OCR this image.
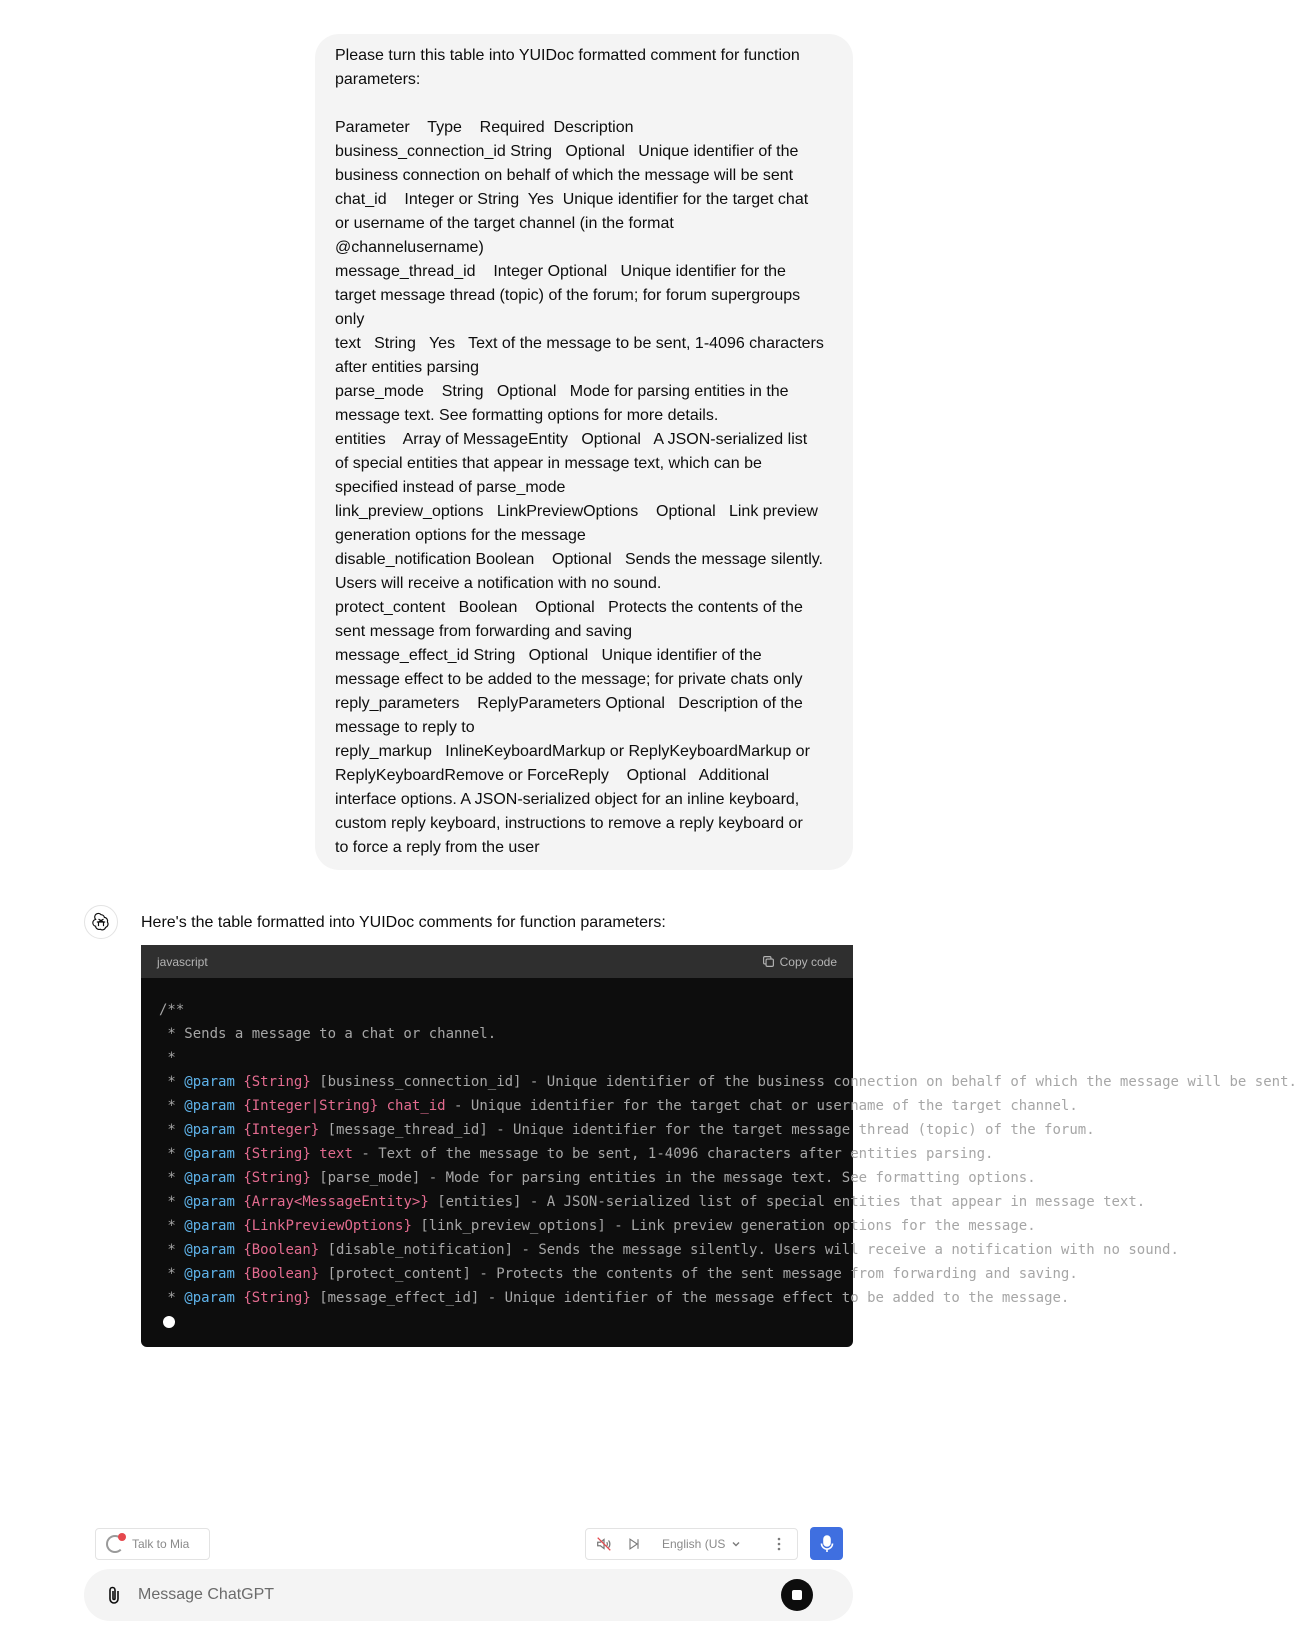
Please turn this table into YUIDoc formatted comment for function
parameters:
Parameter    Type    Required  Description
business_connection_id String   Optional   Unique identifier of the
business connection on behalf of which the message will be sent
chat_id    Integer or String  Yes  Unique identifier for the target chat
or username of the target channel (in the format
@channelusername)
message_thread_id    Integer Optional   Unique identifier for the
target message thread (topic) of the forum; for forum supergroups
only
text   String   Yes   Text of the message to be sent, 1-4096 characters
after entities parsing
parse_mode    String   Optional   Mode for parsing entities in the
message text. See formatting options for more details.
entities    Array of MessageEntity   Optional   A JSON-serialized list
of special entities that appear in message text, which can be
specified instead of parse_mode
link_preview_options   LinkPreviewOptions    Optional   Link preview
generation options for the message
disable_notification Boolean    Optional   Sends the message silently.
Users will receive a notification with no sound.
protect_content   Boolean    Optional   Protects the contents of the
sent message from forwarding and saving
message_effect_id String   Optional   Unique identifier of the
message effect to be added to the message; for private chats only
reply_parameters    ReplyParameters Optional   Description of the
message to reply to
reply_markup   InlineKeyboardMarkup or ReplyKeyboardMarkup or
ReplyKeyboardRemove or ForceReply    Optional   Additional
interface options. A JSON-serialized object for an inline keyboard,
custom reply keyboard, instructions to remove a reply keyboard or
to force a reply from the user
Here's the table formatted into YUIDoc comments for function parameters:
javascript	Copy code
/**
* Sends a message to a chat or channel.
*
* @param {String} [business_connection_id] - Unique identifier of the business connection on behalf of which the message will be sent.
* @param {Integer|String} chat_id - Unique identifier for the target chat or username of the target channel.
* @param {Integer} [message_thread_id] - Unique identifier for the target message thread (topic) of the forum.
* @param {String} text - Text of the message to be sent, 1-4096 characters after entities parsing.
* @param {String} [parse_mode] - Mode for parsing entities in the message text. See formatting options.
* @param {Array<MessageEntity>} [entities] - A JSON-serialized list of special entities that appear in message text.
* @param {LinkPreviewOptions} [link_preview_options] - Link preview generation options for the message.
* @param {Boolean} [disable_notification] - Sends the message silently. Users will receive a notification with no sound.
* @param {Boolean} [protect_content] - Protects the contents of the sent message from forwarding and saving.
* @param {String} [message_effect_id] - Unique identifier of the message effect to be added to the message.
Talk to Mia	English (US
Message ChatGPT
